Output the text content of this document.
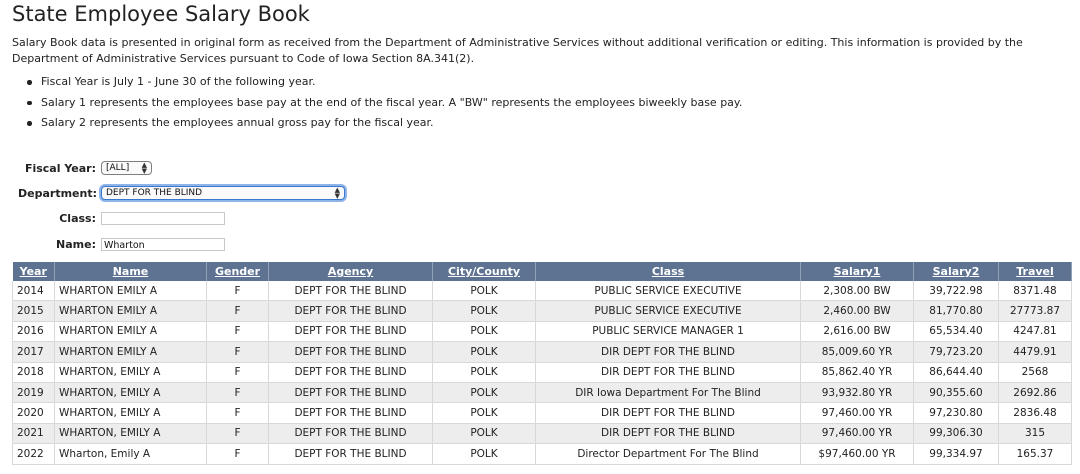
State Employee Salary Book

Salary Book data is presented in original form as received from the Department of Administrative Services without additional verification or editing. This information is provided by the Department of Administrative Services pursuant to Code of Iowa Section 8A.341(2).

Fiscal Year is July 1 - June 30 of the following year.
Salary 1 represents the employees base pay at the end of the fiscal year. A "BW" represents the employees biweekly base pay.
Salary 2 represents the employees annual gross pay for the fiscal year.
Fiscal Year: [ALL] ▲
▼
Department: DEPT FOR THE BLIND	▲
▼
Class:
Name: Wharton
Year	Name	Gender	Agency	City/County	Class	Salary1	Salary2	Travel
2014	WHARTON EMILY A	F	DEPT FOR THE BLIND	POLK	PUBLIC SERVICE EXECUTIVE	2,308.00 BW	39,722.98	8371.48
2015	WHARTON EMILY A	F	DEPT FOR THE BLIND	POLK	PUBLIC SERVICE EXECUTIVE	2,460.00 BW	81,770.80	27773.87
2016	WHARTON EMILY A	F	DEPT FOR THE BLIND	POLK	PUBLIC SERVICE MANAGER 1	2,616.00 BW	65,534.40	4247.81
2017	WHARTON EMILY A	F	DEPT FOR THE BLIND	POLK	DIR DEPT FOR THE BLIND	85,009.60 YR	79,723.20	4479.91
2018	WHARTON, EMILY A	F	DEPT FOR THE BLIND	POLK	DIR DEPT FOR THE BLIND	85,862.40 YR	86,644.40	2568
2019	WHARTON, EMILY A	F	DEPT FOR THE BLIND	POLK	DIR Iowa Department For The Blind	93,932.80 YR	90,355.60	2692.86
2020	WHARTON, EMILY A	F	DEPT FOR THE BLIND	POLK	DIR DEPT FOR THE BLIND	97,460.00 YR	97,230.80	2836.48
2021	WHARTON, EMILY A	F	DEPT FOR THE BLIND	POLK	DIR DEPT FOR THE BLIND	97,460.00 YR	99,306.30	315
2022	Wharton, Emily A	F	DEPT FOR THE BLIND	POLK	Director Department For The Blind	$97,460.00 YR	99,334.97	165.37
